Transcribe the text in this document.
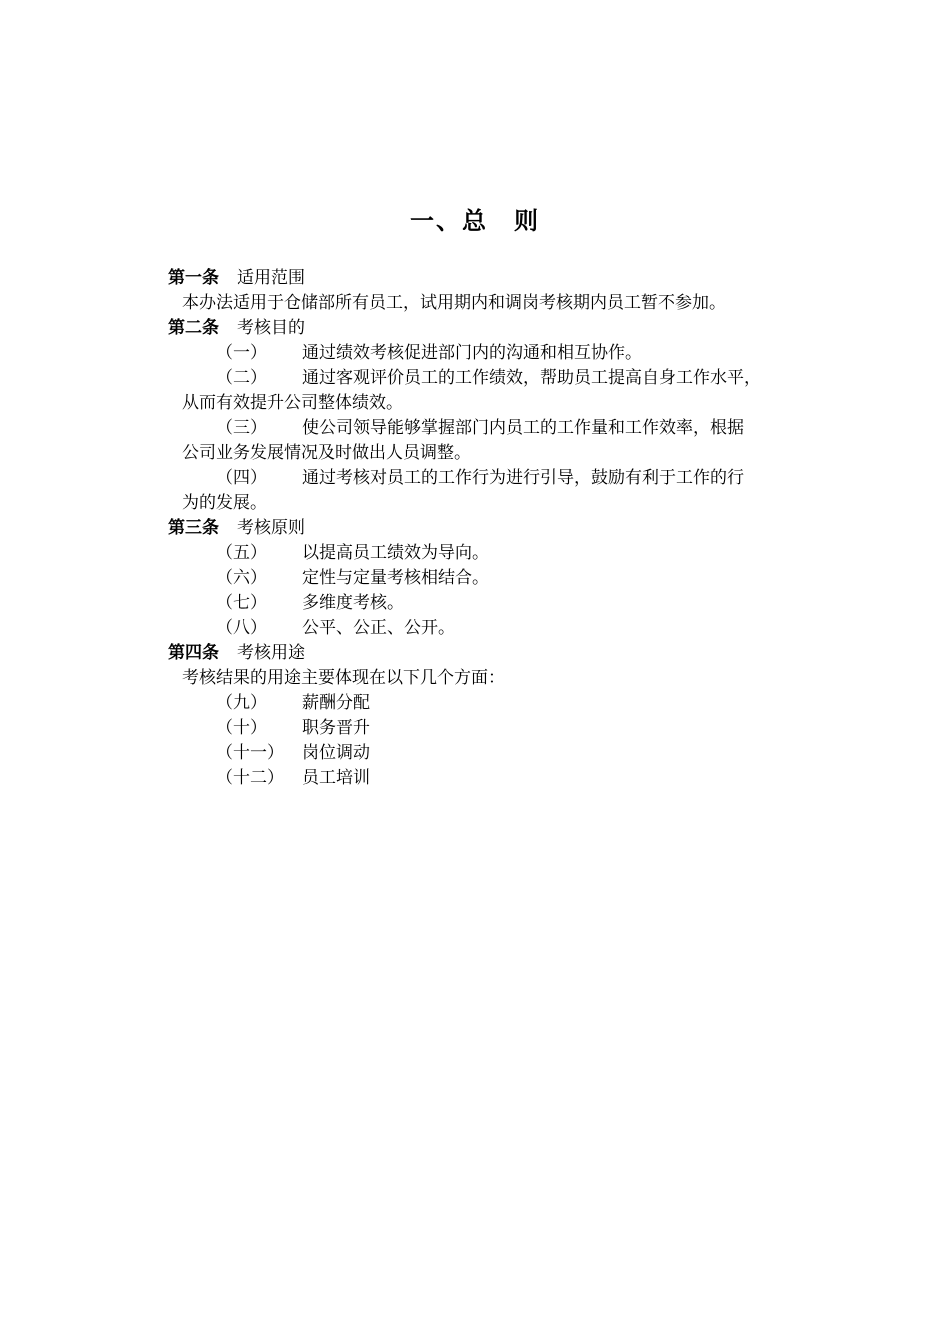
一、总　则
第一条 适用范围
本办法适用于仓储部所有员工，试用期内和调岗考核期内员工暂不参加。
第二条 考核目的
（一） 通过绩效考核促进部门内的沟通和相互协作。
（二） 通过客观评价员工的工作绩效，帮助员工提高自身工作水平，
从而有效提升公司整体绩效。
（三） 使公司领导能够掌握部门内员工的工作量和工作效率，根据
公司业务发展情况及时做出人员调整。
（四） 通过考核对员工的工作行为进行引导，鼓励有利于工作的行
为的发展。
第三条 考核原则
（五） 以提高员工绩效为导向。
（六） 定性与定量考核相结合。
（七） 多维度考核。
（八） 公平、公正、公开。
第四条 考核用途
考核结果的用途主要体现在以下几个方面：
（九） 薪酬分配
（十） 职务晋升
（十一） 岗位调动
（十二） 员工培训
